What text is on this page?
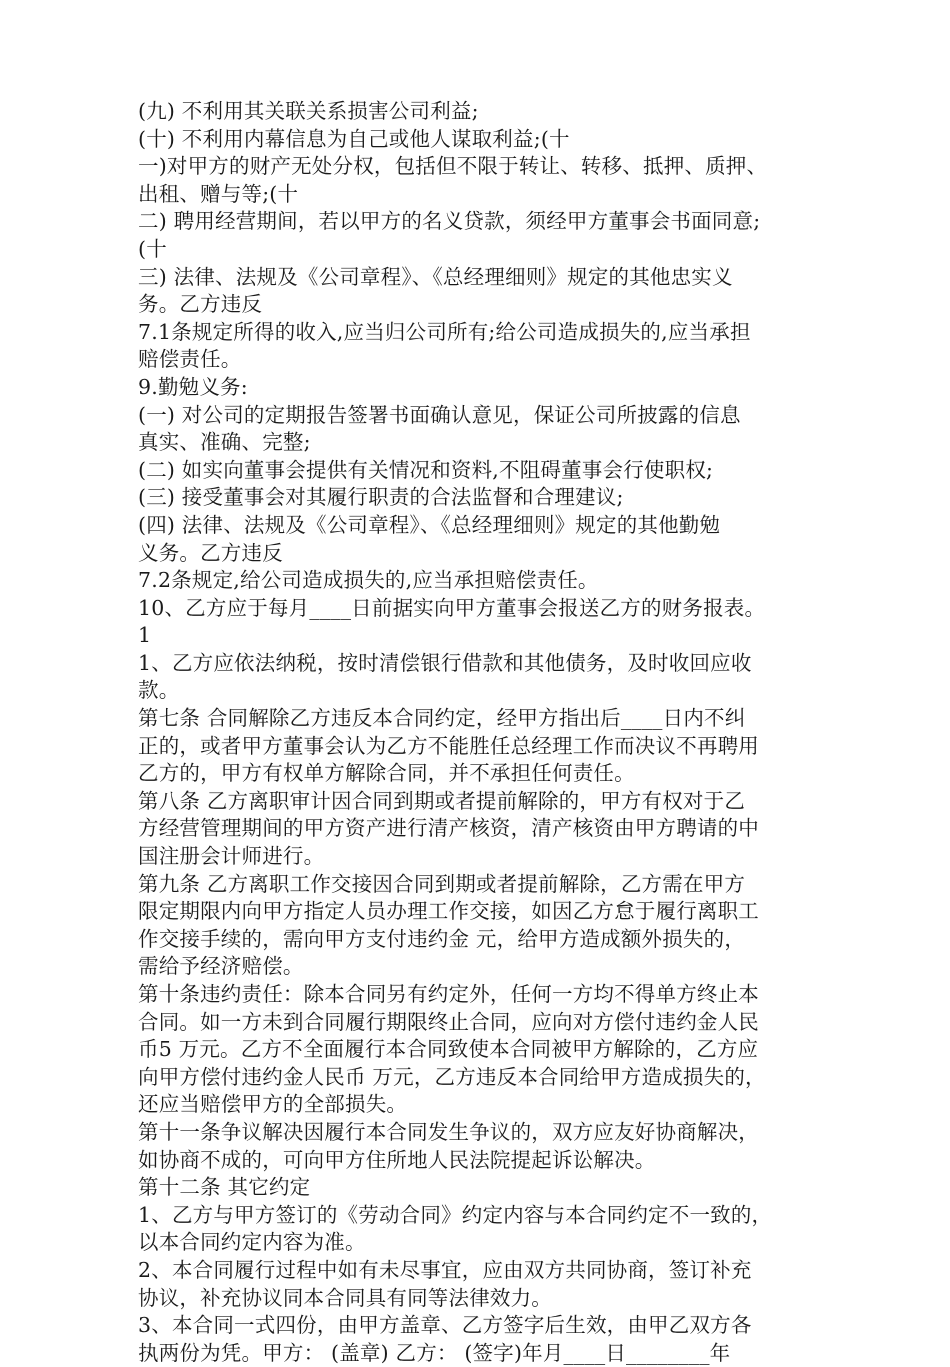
(九) 不利用其关联关系损害公司利益;
(十) 不利用内幕信息为自己或他人谋取利益;(十
一)对甲方的财产无处分权，包括但不限于转让、转移、抵押、质押、
出租、赠与等;(十
二) 聘用经营期间，若以甲方的名义贷款，须经甲方董事会书面同意;
(十
三) 法律、法规及《公司章程》、《总经理细则》规定的其他忠实义
务。乙方违反
7.1条规定所得的收入,应当归公司所有;给公司造成损失的,应当承担
赔偿责任。
9.勤勉义务:
(一) 对公司的定期报告签署书面确认意见，保证公司所披露的信息
真实、准确、完整;
(二) 如实向董事会提供有关情况和资料,不阻碍董事会行使职权;
(三) 接受董事会对其履行职责的合法监督和合理建议;
(四) 法律、法规及《公司章程》、《总经理细则》规定的其他勤勉
义务。乙方违反
7.2条规定,给公司造成损失的,应当承担赔偿责任。
10、乙方应于每月____日前据实向甲方董事会报送乙方的财务报表。
1
1、乙方应依法纳税，按时清偿银行借款和其他债务，及时收回应收
款。
第七条 合同解除乙方违反本合同约定，经甲方指出后____日内不纠
正的，或者甲方董事会认为乙方不能胜任总经理工作而决议不再聘用
乙方的，甲方有权单方解除合同，并不承担任何责任。
第八条 乙方离职审计因合同到期或者提前解除的，甲方有权对于乙
方经营管理期间的甲方资产进行清产核资，清产核资由甲方聘请的中
国注册会计师进行。
第九条 乙方离职工作交接因合同到期或者提前解除，乙方需在甲方
限定期限内向甲方指定人员办理工作交接，如因乙方怠于履行离职工
作交接手续的，需向甲方支付违约金 元，给甲方造成额外损失的，
需给予经济赔偿。
第十条违约责任：除本合同另有约定外，任何一方均不得单方终止本
合同。如一方未到合同履行期限终止合同，应向对方偿付违约金人民
币5 万元。乙方不全面履行本合同致使本合同被甲方解除的，乙方应
向甲方偿付违约金人民币 万元，乙方违反本合同给甲方造成损失的，
还应当赔偿甲方的全部损失。
第十一条争议解决因履行本合同发生争议的，双方应友好协商解决，
如协商不成的，可向甲方住所地人民法院提起诉讼解决。
第十二条 其它约定
1、乙方与甲方签订的《劳动合同》约定内容与本合同约定不一致的，
以本合同约定内容为准。
2、本合同履行过程中如有未尽事宜，应由双方共同协商，签订补充
协议，补充协议同本合同具有同等法律效力。
3、本合同一式四份，由甲方盖章、乙方签字后生效，由甲乙双方各
执两份为凭。甲方： (盖章) 乙方： (签字)年月____日________年
